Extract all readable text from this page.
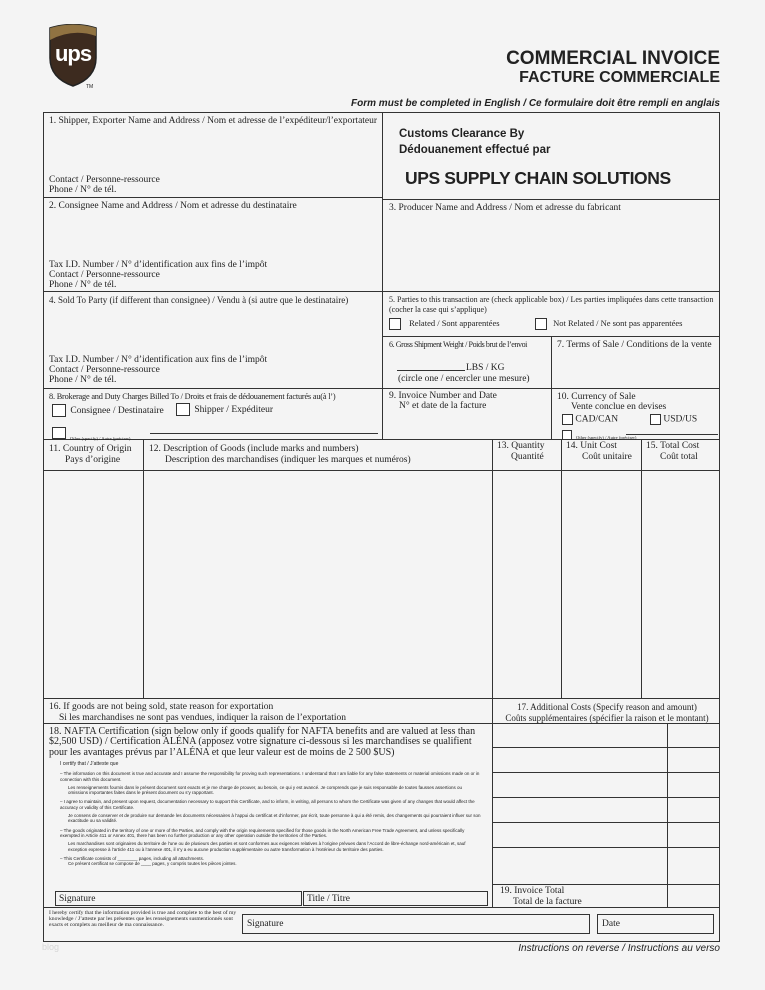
ups
TM
COMMERCIAL INVOICE
FACTURE COMMERCIALE
Form must be completed in English / Ce formulaire doit être rempli en anglais
1. Shipper, Exporter Name and Address / Nom et adresse de l’expéditeur/l’exportateur
Contact / Personne-ressource
Phone / N° de tél.
Customs Clearance By
Dédouanement effectué par
UPS SUPPLY CHAIN SOLUTIONS
2. Consignee Name and Address / Nom et adresse du destinataire
Tax I.D. Number / N° d’identification aux fins de l’impôt
Contact / Personne-ressource
Phone / N° de tél.
3. Producer Name and Address / Nom et adresse du fabricant
4. Sold To Party (if different than consignee) / Vendu à (si autre que le destinataire)
Tax I.D. Number / N° d’identification aux fins de l’impôt
Contact / Personne-ressource
Phone / N° de tél.
5. Parties to this transaction are (check applicable box) / Les parties impliquées dans cette transaction (cocher la case qui s’applique)
Related / Sont apparentées	Not Related / Ne sont pas apparentées
6. Gross Shipment Weight / Poids brut de l’envoi
LBS / KG
(circle one / encercler une mesure)
7. Terms of Sale / Conditions de la vente
8. Brokerage and Duty Charges Billed To / Droits et frais de dédouanement facturés au(à l’)
Consignee / Destinataire	Shipper / Expéditeur
Other (specify) / Autre (préciser)
9. Invoice Number and Date
N° et date de la facture
10. Currency of Sale
Vente conclue en devises
CAD/CAN	USD/US
Other (specify) / Autre (préciser)
11. Country of Origin
Pays d’origine
12. Description of Goods (include marks and numbers)
Description des marchandises (indiquer les marques et numéros)
13. Quantity
Quantité
14. Unit Cost
Coût unitaire
15. Total Cost
Coût total
16. If goods are not being sold, state reason for exportation
Si les marchandises ne sont pas vendues, indiquer la raison de l’exportation
17. Additional Costs (Specify reason and amount)
Coûts supplémentaires (spécifier la raison et le montant)
18. NAFTA Certification (sign below only if goods qualify for NAFTA benefits and are valued at less than $2,500 USD) / Certification ALÉNA (apposez votre signature ci-dessous si les marchandises se qualifient pour les avantages prévus par l’ALÉNA et que leur valeur est de moins de 2 500 $US)
I certify that / J’atteste que
– The information on this document is true and accurate and I assume the responsibility for proving such representations. I understand that I am liable for any false statements or material omissions made on or in connection with this document.
Les renseignements fournis dans le présent document sont exacts et je me charge de prouver, au besoin, ce qui y est avancé. Je comprends que je suis responsable de toutes fausses assertions ou omissions importantes faites dans le présent document ou s’y rapportant.
– I agree to maintain, and present upon request, documentation necessary to support this Certificate, and to inform, in writing, all persons to whom the Certificate was given of any changes that would affect the accuracy or validity of this Certificate.
Je consens de conserver et de produire sur demande les documents nécessaires à l’appui du certificat et d’informer, par écrit, toute personne à qui a été remis, des changements qui pourraient influer sur son exactitude ou sa validité.
– The goods originated in the territory of one or more of the Parties, and comply with the origin requirements specified for those goods in the North American Free Trade Agreement, and unless specifically exempted in Article 411 or Annex 401, there has been no further production or any other operation outside the territories of the Parties.
Les marchandises sont originaires du territoire de l’une ou de plusieurs des parties et sont conformes aux exigences relatives à l’origine prévues dans l’Accord de libre-échange nord-américain et, sauf exception expresse à l’article 411 ou à l’annexe 401, il n’y a eu aucune production supplémentaire ou autre transformation à l’extérieur du territoire des parties.
– This Certificate consists of ________ pages, including all attachments.
Ce présent certificat se compose de ____ pages, y compris toutes les pièces jointes.
Signature	Title / Titre
19. Invoice Total
Total de la facture
I hereby certify that the information provided is true and complete to the best of my knowledge / J’atteste par les présentes que les renseignements susmentionnés sont exacts et complets au meilleur de ma connaissance.	Signature	Date
blog	Instructions on reverse / Instructions au verso
